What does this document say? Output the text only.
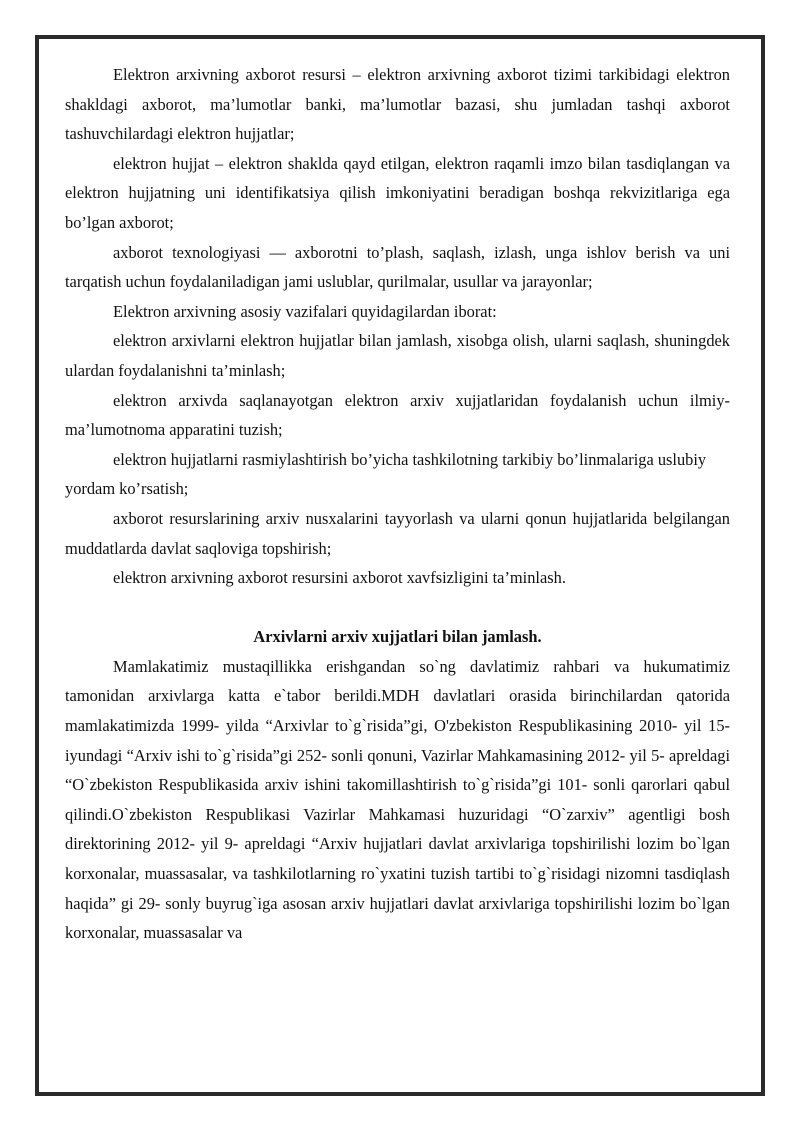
Elektron arxivning axborot resursi – elektron arxivning axborot tizimi tarkibidagi elektron shakldagi axborot, ma’lumotlar banki, ma’lumotlar bazasi, shu jumladan tashqi axborot tashuvchilardagi elektron hujjatlar;

elektron hujjat – elektron shaklda qayd etilgan, elektron raqamli imzo bilan tasdiqlangan va elektron hujjatning uni identifikatsiya qilish imkoniyatini beradigan boshqa rekvizitlariga ega bo’lgan axborot;

axborot texnologiyasi — axborotni to’plash, saqlash, izlash, unga ishlov berish va uni tarqatish uchun foydalaniladigan jami uslublar, qurilmalar, usullar va jarayonlar;

Elektron arxivning asosiy vazifalari quyidagilardan iborat:

elektron arxivlarni elektron hujjatlar bilan jamlash, xisobga olish, ularni saqlash, shuningdek ulardan foydalanishni ta’minlash;

elektron arxivda saqlanayotgan elektron arxiv xujjatlaridan foydalanish uchun ilmiy-ma’lumotnoma apparatini tuzish;

elektron hujjatlarni rasmiylashtirish bo’yicha tashkilotning tarkibiy bo’linmalariga uslubiy yordam ko’rsatish;

axborot resurslarining arxiv nusxalarini tayyorlash va ularni qonun hujjatlarida belgilangan muddatlarda davlat saqloviga topshirish;

elektron arxivning axborot resursini axborot xavfsizligini ta’minlash.

Arxivlarni arxiv xujjatlari bilan jamlash.

Mamlakatimiz mustaqillikka erishgandan so`ng davlatimiz rahbari va hukumatimiz tamonidan arxivlarga katta e`tabor berildi.MDH davlatlari orasida birinchilardan qatorida mamlakatimizda 1999- yilda “Arxivlar to`g`risida”gi, O'zbekiston Respublikasining 2010- yil 15- iyundagi “Arxiv ishi to`g`risida”gi 252- sonli qonuni, Vazirlar Mahkamasining 2012- yil 5- apreldagi “O`zbekiston Respublikasida arxiv ishini takomillashtirish to`g`risida”gi 101- sonli qarorlari qabul qilindi.O`zbekiston Respublikasi Vazirlar Mahkamasi huzuridagi “O`zarxiv” agentligi bosh direktorining 2012- yil 9- apreldagi “Arxiv hujjatlari davlat arxivlariga topshirilishi lozim bo`lgan korxonalar, muassasalar, va tashkilotlarning ro`yxatini tuzish tartibi to`g`risidagi nizomni tasdiqlash haqida” gi 29- sonly buyrug`iga asosan arxiv hujjatlari davlat arxivlariga topshirilishi lozim bo`lgan korxonalar, muassasalar va
